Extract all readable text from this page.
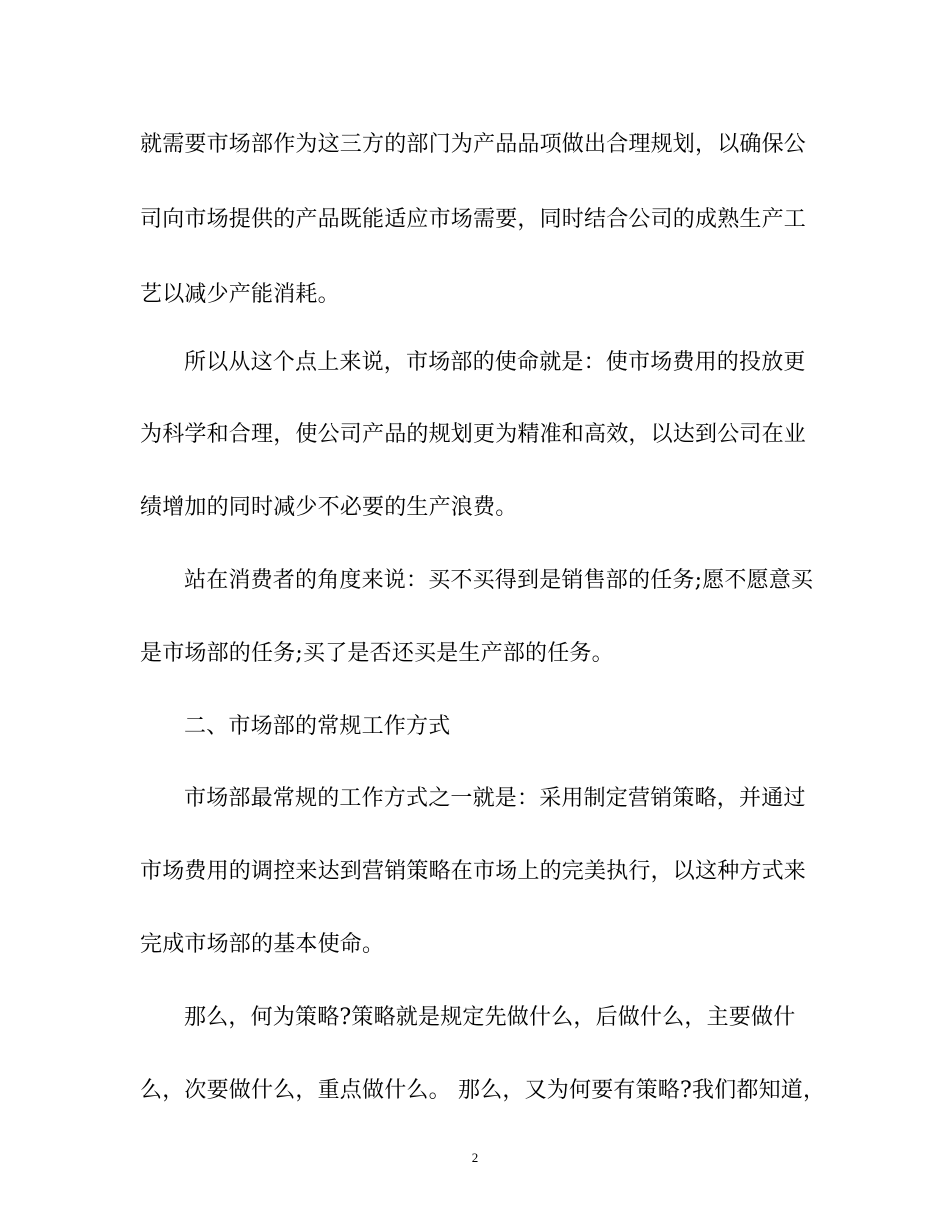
就需要市场部作为这三方的部门为产品品项做出合理规划，以确保公
司向市场提供的产品既能适应市场需要，同时结合公司的成熟生产工
艺以减少产能消耗。
所以从这个点上来说，市场部的使命就是：使市场费用的投放更
为科学和合理，使公司产品的规划更为精准和高效，以达到公司在业
绩增加的同时减少不必要的生产浪费。
站在消费者的角度来说：买不买得到是销售部的任务;愿不愿意买
是市场部的任务;买了是否还买是生产部的任务。
二、市场部的常规工作方式
市场部最常规的工作方式之一就是：采用制定营销策略，并通过
市场费用的调控来达到营销策略在市场上的完美执行，以这种方式来
完成市场部的基本使命。
那么，何为策略?策略就是规定先做什么，后做什么，主要做什
么，次要做什么，重点做什么。 那么，又为何要有策略?我们都知道，
2
